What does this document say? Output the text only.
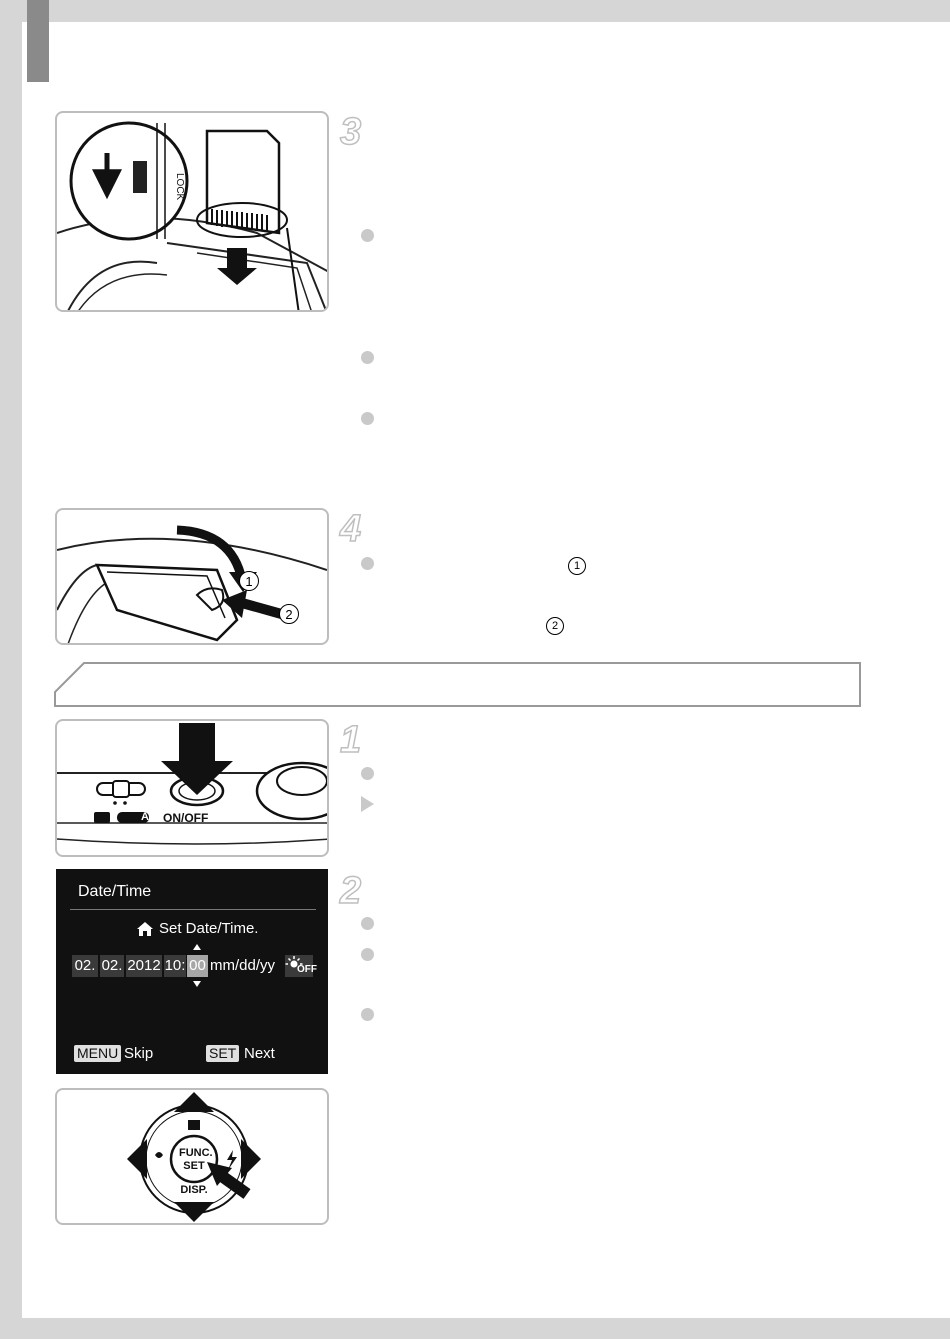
LOCK
3
1
2
4
1
2
AUTO
ON/OFF
1
Date/Time
Set Date/Time.
02. 02. 2012 10: 00 mm/dd/yy OFF
MENU Skip	SET Next
2
FUNC.
SET
DISP.
